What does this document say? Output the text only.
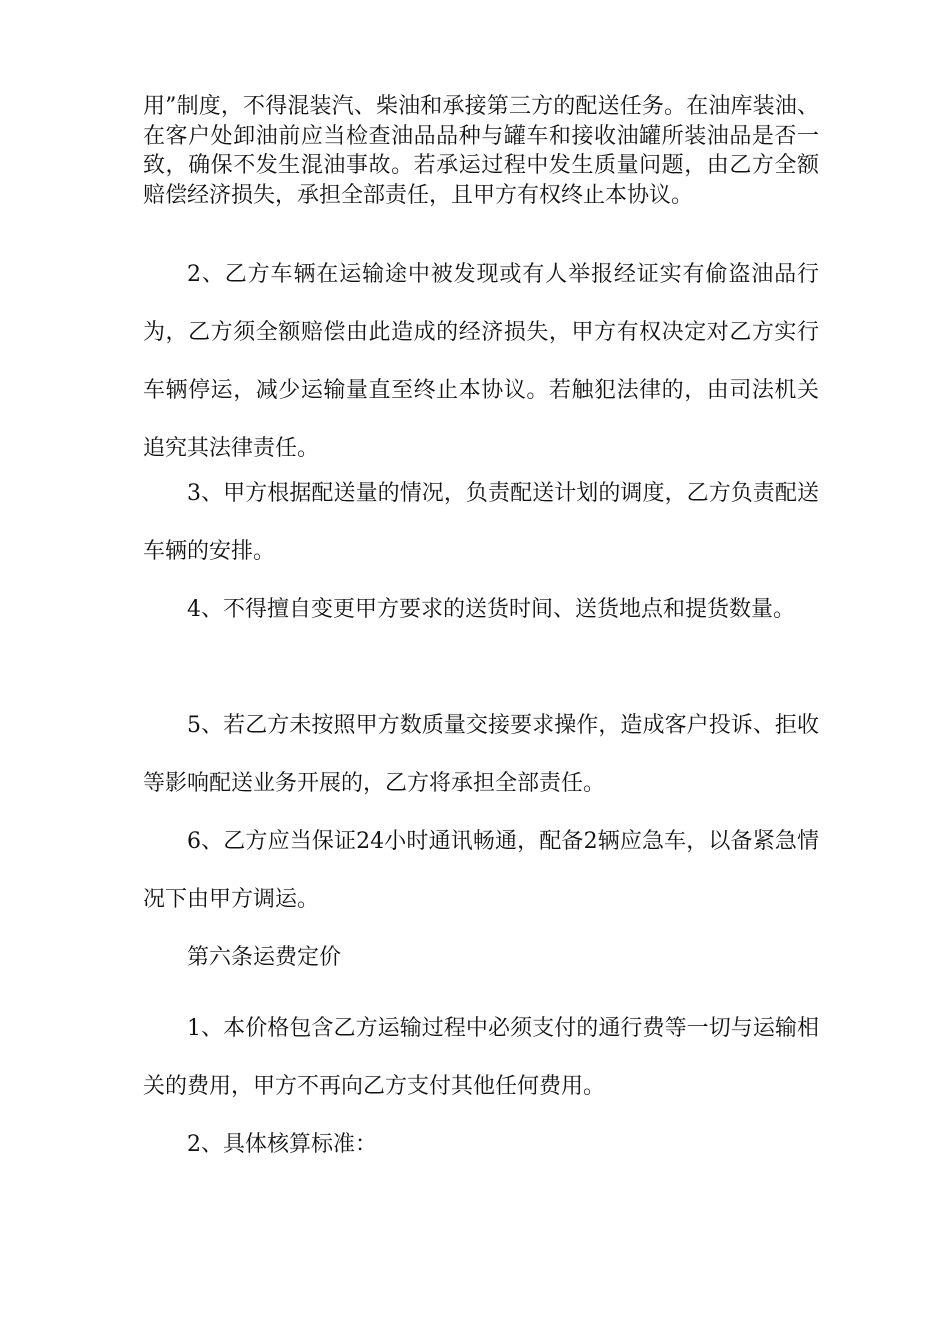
用”制度，不得混装汽、柴油和承接第三方的配送任务。在油库装油、在客户处卸油前应当检查油品品种与罐车和接收油罐所装油品是否一致，确保不发生混油事故。若承运过程中发生质量问题，由乙方全额赔偿经济损失，承担全部责任，且甲方有权终止本协议。

2、乙方车辆在运输途中被发现或有人举报经证实有偷盗油品行为，乙方须全额赔偿由此造成的经济损失，甲方有权决定对乙方实行车辆停运，减少运输量直至终止本协议。若触犯法律的，由司法机关追究其法律责任。

3、甲方根据配送量的情况，负责配送计划的调度，乙方负责配送车辆的安排。

4、不得擅自变更甲方要求的送货时间、送货地点和提货数量。

5、若乙方未按照甲方数质量交接要求操作，造成客户投诉、拒收等影响配送业务开展的，乙方将承担全部责任。

6、乙方应当保证24小时通讯畅通，配备2辆应急车，以备紧急情况下由甲方调运。

第六条运费定价

1、本价格包含乙方运输过程中必须支付的通行费等一切与运输相关的费用，甲方不再向乙方支付其他任何费用。

2、具体核算标准：
